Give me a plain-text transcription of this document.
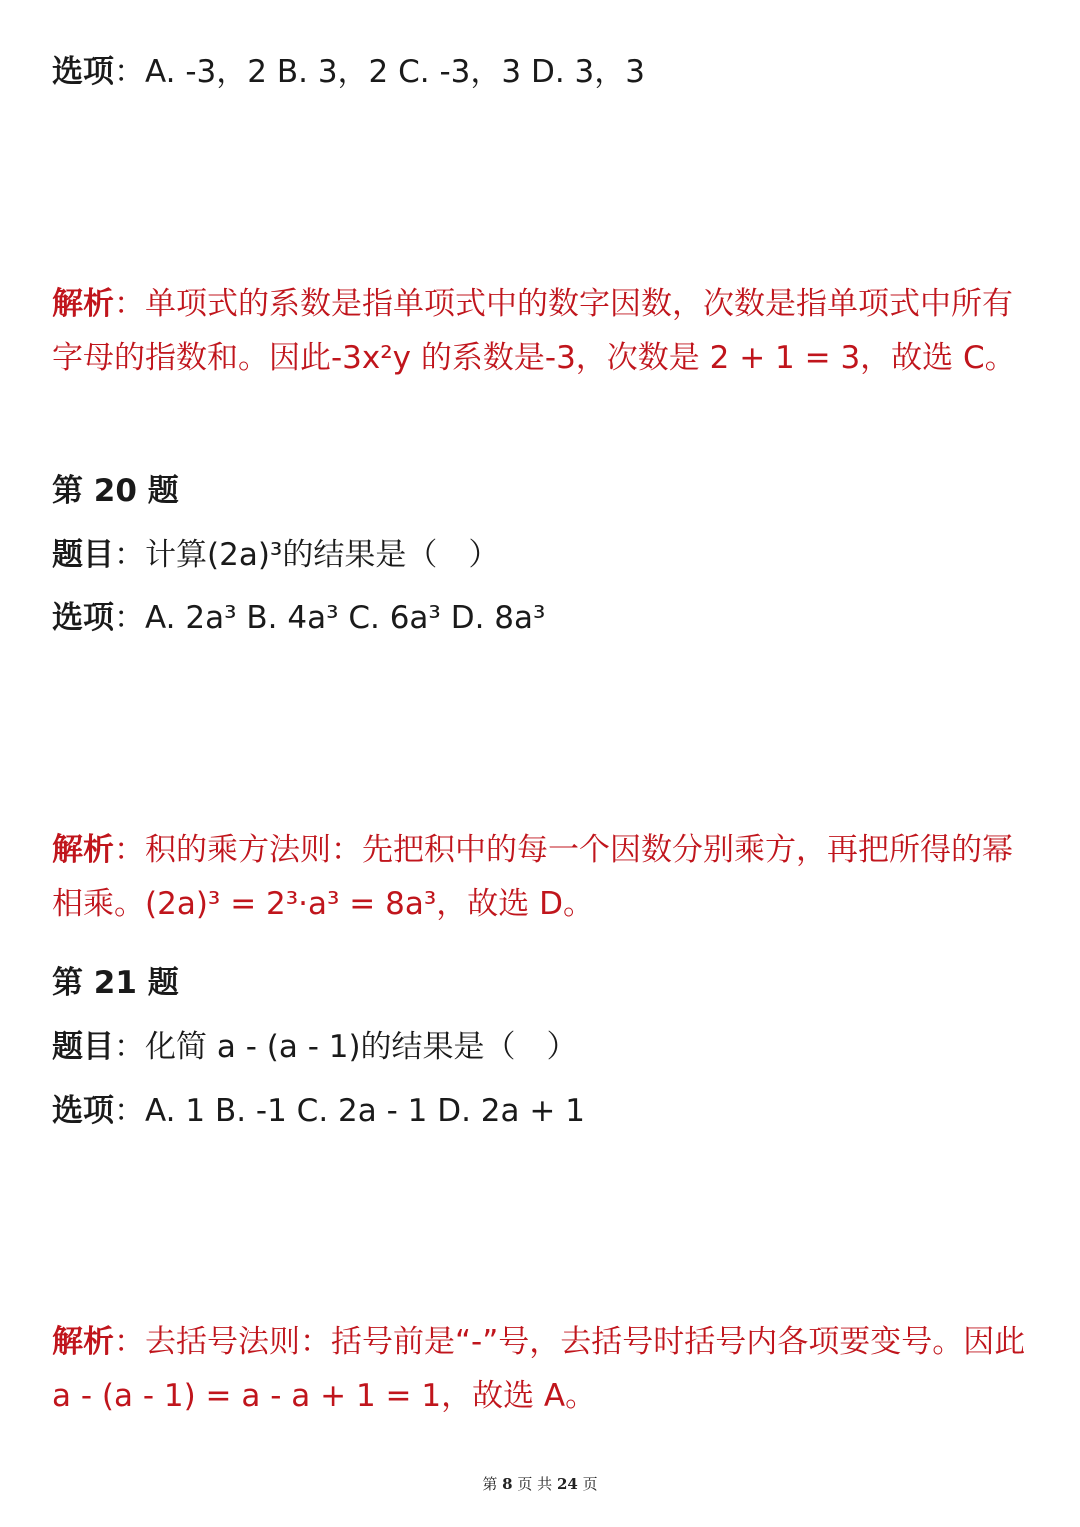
选项：A. -3，2 B. 3，2 C. -3，3 D. 3，3
解析：单项式的系数是指单项式中的数字因数，次数是指单项式中所有字母的指数和。因此-3x²y 的系数是-3，次数是 2 + 1 = 3，故选 C。
第 20 题
题目：计算(2a)³的结果是（　）
选项：A. 2a³ B. 4a³ C. 6a³ D. 8a³
解析：积的乘方法则：先把积中的每一个因数分别乘方，再把所得的幂相乘。(2a)³ = 2³·a³ = 8a³，故选 D。
第 21 题
题目：化简 a - (a - 1)的结果是（　）
选项：A. 1 B. -1 C. 2a - 1 D. 2a + 1
解析：去括号法则：括号前是“-”号，去括号时括号内各项要变号。因此 a - (a - 1) = a - a + 1 = 1，故选 A。
第 8 页 共 24 页
